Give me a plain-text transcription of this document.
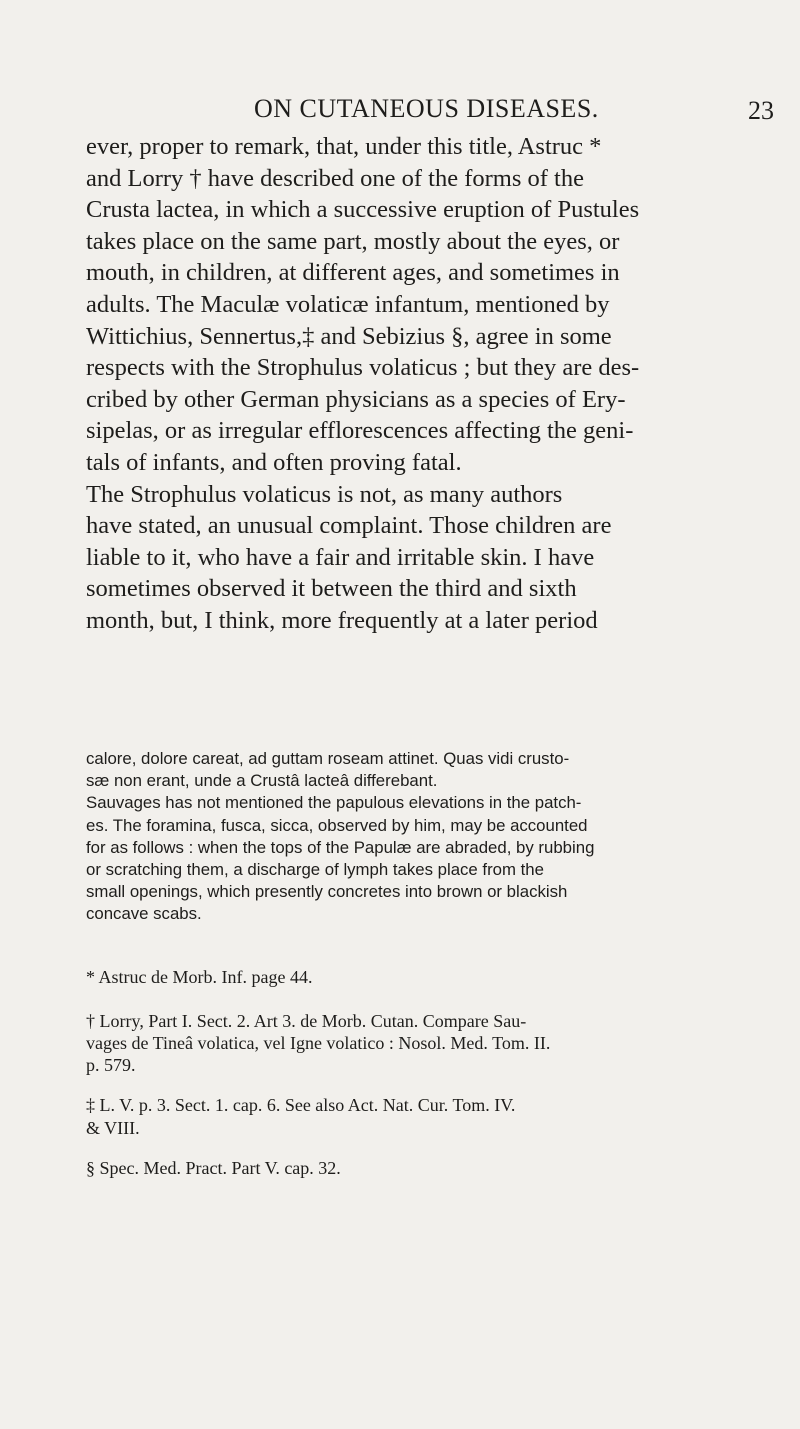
ON CUTANEOUS DISEASES.	23
ever, proper to remark, that, under this title, Astruc *
and Lorry † have described one of the forms of the
Crusta lactea, in which a successive eruption of Pustules
takes place on the same part, mostly about the eyes, or
mouth, in children, at different ages, and sometimes in
adults. The Maculæ volaticæ infantum, mentioned by
Wittichius, Sennertus,‡ and Sebizius §, agree in some
respects with the Strophulus volaticus ; but they are des-
cribed by other German physicians as a species of Ery-
sipelas, or as irregular efflorescences affecting the geni-
tals of infants, and often proving fatal.
The Strophulus volaticus is not, as many authors
have stated, an unusual complaint. Those children are
liable to it, who have a fair and irritable skin. I have
sometimes observed it between the third and sixth
month, but, I think, more frequently at a later period
calore, dolore careat, ad guttam roseam attinet. Quas vidi crusto-
sæ non erant, unde a Crustâ lacteâ differebant.
Sauvages has not mentioned the papulous elevations in the patch-
es. The foramina, fusca, sicca, observed by him, may be accounted
for as follows : when the tops of the Papulæ are abraded, by rubbing
or scratching them, a discharge of lymph takes place from the
small openings, which presently concretes into brown or blackish
concave scabs.
* Astruc de Morb. Inf. page 44.
† Lorry, Part I. Sect. 2. Art 3. de Morb. Cutan. Compare Sau-
vages de Tineâ volatica, vel Igne volatico : Nosol. Med. Tom. II.
p. 579.
‡ L. V. p. 3. Sect. 1. cap. 6. See also Act. Nat. Cur. Tom. IV.
& VIII.
§ Spec. Med. Pract. Part V. cap. 32.
